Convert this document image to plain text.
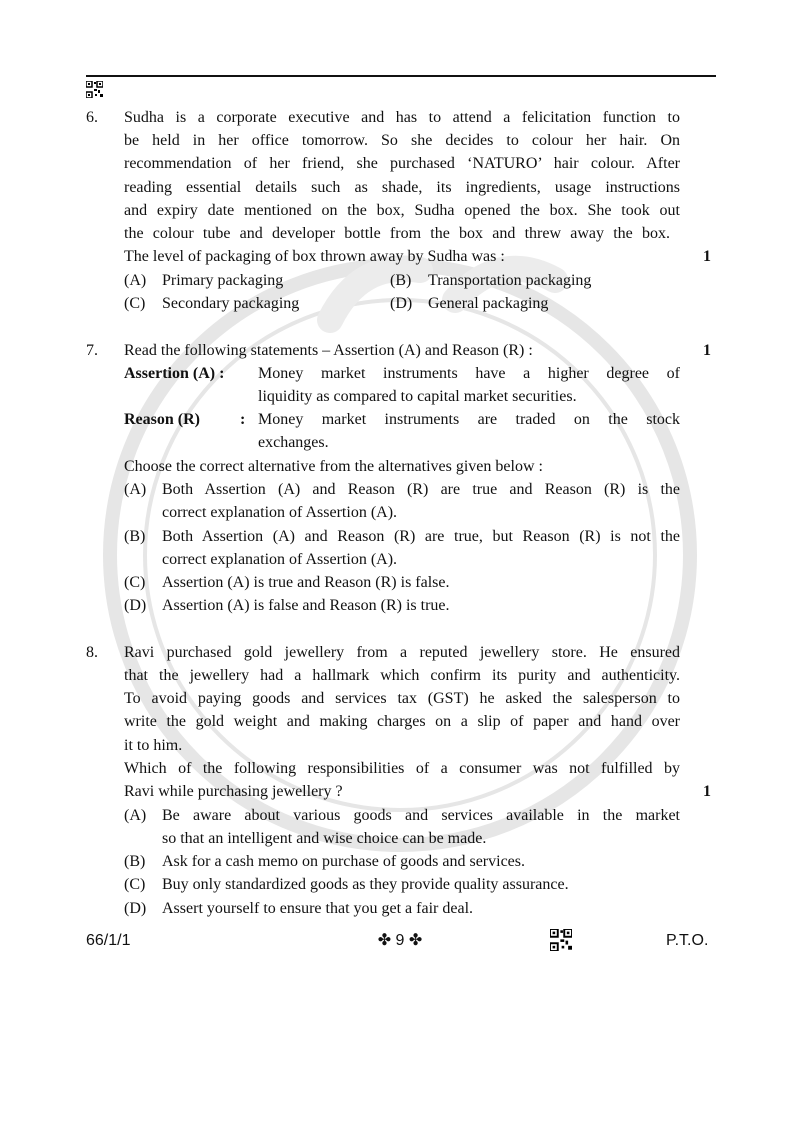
6. Sudha is a corporate executive and has to attend a felicitation function to
be held in her office tomorrow. So she decides to colour her hair. On
recommendation of her friend, she purchased ‘NATURO’ hair colour. After
reading essential details such as shade, its ingredients, usage instructions
and expiry date mentioned on the box, Sudha opened the box. She took out
the colour tube and developer bottle from the box and threw away the box.
The level of packaging of box thrown away by Sudha was :	1
(A) Primary packaging	(B) Transportation packaging
(C) Secondary packaging	(D) General packaging
7. Read the following statements – Assertion (A) and Reason (R) :	1
Assertion (A) : Money market instruments have a higher degree of
liquidity as compared to capital market securities.
Reason (R)	: Money market instruments are traded on the stock
exchanges.
Choose the correct alternative from the alternatives given below :
(A) Both Assertion (A) and Reason (R) are true and Reason (R) is the
correct explanation of Assertion (A).
(B) Both Assertion (A) and Reason (R) are true, but Reason (R) is not the
correct explanation of Assertion (A).
(C) Assertion (A) is true and Reason (R) is false.
(D) Assertion (A) is false and Reason (R) is true.
8. Ravi purchased gold jewellery from a reputed jewellery store. He ensured
that the jewellery had a hallmark which confirm its purity and authenticity.
To avoid paying goods and services tax (GST) he asked the salesperson to
write the gold weight and making charges on a slip of paper and hand over
it to him.
Which of the following responsibilities of a consumer was not fulfilled by
Ravi while purchasing jewellery ?	1
(A) Be aware about various goods and services available in the market
so that an intelligent and wise choice can be made.
(B) Ask for a cash memo on purchase of goods and services.
(C) Buy only standardized goods as they provide quality assurance.
(D) Assert yourself to ensure that you get a fair deal.
66/1/1	✤ 9 ✤	P.T.O.
